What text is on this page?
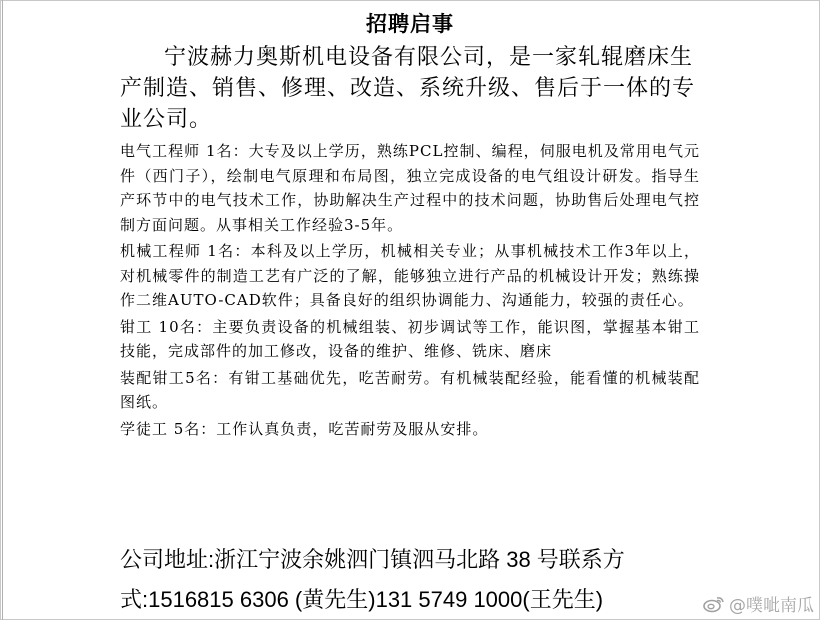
招聘启事

宁波赫力奥斯机电设备有限公司，是一家轧辊磨床生产制造、销售、修理、改造、系统升级、售后于一体的专业公司。

电气工程师 1名：大专及以上学历，熟练PCL控制、编程，伺服电机及常用电气元件（西门子），绘制电气原理和布局图，独立完成设备的电气组设计研发。指导生产环节中的电气技术工作，协助解决生产过程中的技术问题，协助售后处理电气控制方面问题。从事相关工作经验3-5年。

机械工程师 1名：本科及以上学历，机械相关专业；从事机械技术工作3年以上，对机械零件的制造工艺有广泛的了解，能够独立进行产品的机械设计开发；熟练操作二维AUTO-CAD软件；具备良好的组织协调能力、沟通能力，较强的责任心。

钳工 10名：主要负责设备的机械组装、初步调试等工作，能识图，掌握基本钳工技能，完成部件的加工修改，设备的维护、维修、铣床、磨床

装配钳工5名：有钳工基础优先，吃苦耐劳。有机械装配经验，能看懂的机械装配图纸。

学徒工 5名：工作认真负责，吃苦耐劳及服从安排。

公司地址:浙江宁波余姚泗门镇泗马北路 38 号联系方
式:1516815 6306 (黄先生)131 5749 1000(王先生)	@噗呲南瓜
